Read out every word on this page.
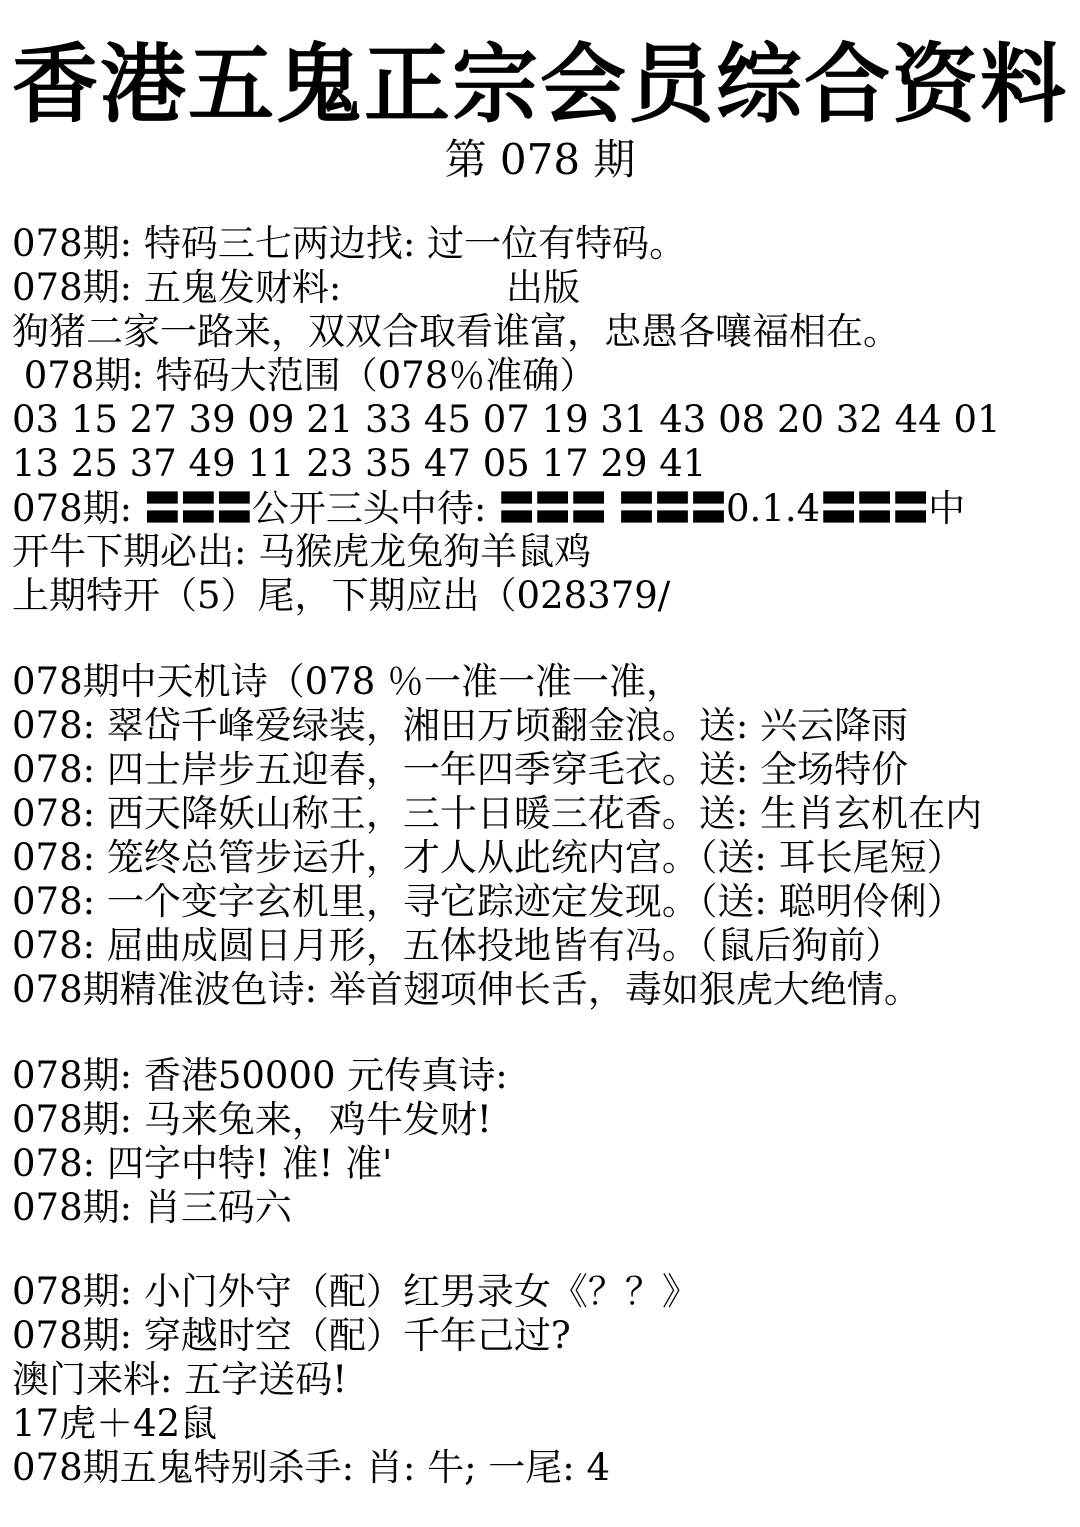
香港五鬼正宗会员综合资料
第 078 期
078期: 特码三七两边找: 过一位有特码。
078期: 五鬼发财料:              出版
狗猪二家一路来，双双合取看谁富，忠愚各嚷福相在。
078期: 特码大范围（078％准确）
03 15 27 39 09 21 33 45 07 19 31 43 08 20 32 44 01
13 25 37 49 11 23 35 47 05 17 29 41
078期: 〓〓〓公开三头中待: 〓〓〓 〓〓〓0.1.4〓〓〓中
开牛下期必出: 马猴虎龙兔狗羊鼠鸡
上期特开（5）尾，下期应出（028379/
078期中天机诗（078 ％一准一准一准，
078: 翠岱千峰爱绿装，湘田万顷翻金浪。送: 兴云降雨
078: 四士岸步五迎春，一年四季穿毛衣。送: 全场特价
078: 西天降妖山称王，三十日暖三花香。送: 生肖玄机在内
078: 笼终总管步运升，才人从此统内宫。（送: 耳长尾短）
078: 一个变字玄机里，寻它踪迹定发现。（送: 聪明伶俐）
078: 屈曲成圆日月形，五体投地皆有冯。（鼠后狗前）
078期精准波色诗: 举首翅项伸长舌，毒如狠虎大绝情。
078期: 香港50000 元传真诗:
078期: 马来兔来，鸡牛发财!
078: 四字中特! 准! 准'
078期: 肖三码六
078期: 小门外守（配）红男录女《？？》
078期: 穿越时空（配）千年己过?
澳门来料: 五字送码!
17虎＋42鼠
078期五鬼特别杀手: 肖: 牛; 一尾: 4
